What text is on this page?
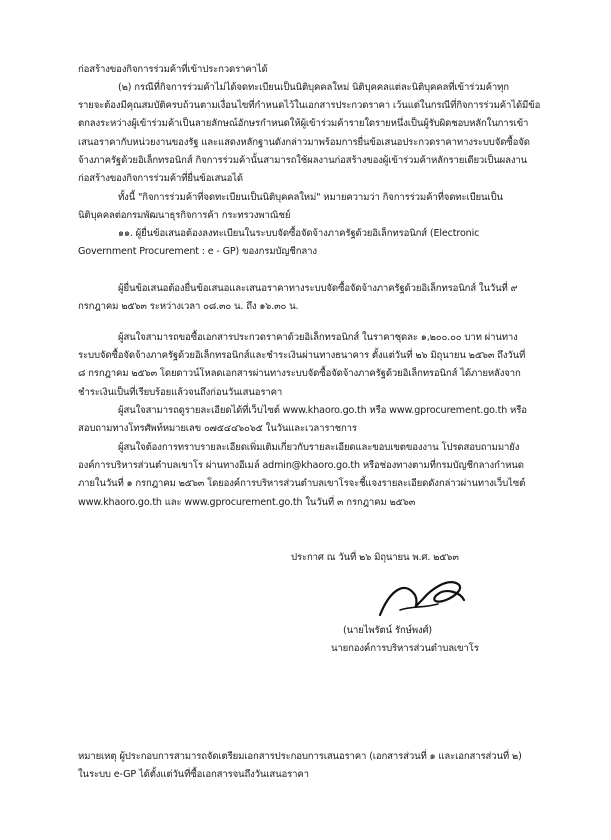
ก่อสร้างของกิจการร่วมค้าที่เข้าประกวดราคาได้
(๒) กรณีที่กิจการร่วมค้าไม่ได้จดทะเบียนเป็นนิติบุคคลใหม่ นิติบุคคลแต่ละนิติบุคคลที่เข้าร่วมค้าทุก
รายจะต้องมีคุณสมบัติครบถ้วนตามเงื่อนไขที่กำหนดไว้ในเอกสารประกวดราคา เว้นแต่ในกรณีที่กิจการร่วมค้าได้มีข้อ
ตกลงระหว่างผู้เข้าร่วมค้าเป็นลายลักษณ์อักษรกำหนดให้ผู้เข้าร่วมค้ารายใดรายหนึ่งเป็นผู้รับผิดชอบหลักในการเข้า
เสนอราคากับหน่วยงานของรัฐ และแสดงหลักฐานดังกล่าวมาพร้อมการยื่นข้อเสนอประกวดราคาทางระบบจัดซื้อจัด
จ้างภาครัฐด้วยอิเล็กทรอนิกส์ กิจการร่วมค้านั้นสามารถใช้ผลงานก่อสร้างของผู้เข้าร่วมค้าหลักรายเดียวเป็นผลงาน
ก่อสร้างของกิจการร่วมค้าที่ยื่นข้อเสนอได้
ทั้งนี้ "กิจการร่วมค้าที่จดทะเบียนเป็นนิติบุคคลใหม่" หมายความว่า กิจการร่วมค้าที่จดทะเบียนเป็น
นิติบุคคลต่อกรมพัฒนาธุรกิจการค้า กระทรวงพาณิชย์
๑๑. ผู้ยื่นข้อเสนอต้องลงทะเบียนในระบบจัดซื้อจัดจ้างภาครัฐด้วยอิเล็กทรอนิกส์ (Electronic
Government Procurement : e - GP) ของกรมบัญชีกลาง
ผู้ยื่นข้อเสนอต้องยื่นข้อเสนอและเสนอราคาทางระบบจัดซื้อจัดจ้างภาครัฐด้วยอิเล็กทรอนิกส์ ในวันที่ ๙
กรกฎาคม ๒๕๖๓ ระหว่างเวลา ๐๘.๓๐ น. ถึง ๑๖.๓๐ น.
ผู้สนใจสามารถขอซื้อเอกสารประกวดราคาด้วยอิเล็กทรอนิกส์ ในราคาชุดละ ๑,๒๐๐.๐๐ บาท ผ่านทาง
ระบบจัดซื้อจัดจ้างภาครัฐด้วยอิเล็กทรอนิกส์และชำระเงินผ่านทางธนาคาร ตั้งแต่วันที่ ๒๖ มิถุนายน ๒๕๖๓ ถึงวันที่
๘ กรกฎาคม ๒๕๖๓ โดยดาวน์โหลดเอกสารผ่านทางระบบจัดซื้อจัดจ้างภาครัฐด้วยอิเล็กทรอนิกส์ ได้ภายหลังจาก
ชำระเงินเป็นที่เรียบร้อยแล้วจนถึงก่อนวันเสนอราคา
ผู้สนใจสามารถดูรายละเอียดได้ที่เว็บไซต์ www.khaoro.go.th หรือ www.gprocurement.go.th หรือ
สอบถามทางโทรศัพท์หมายเลข ๐๗๕๔๔๖๐๖๕ ในวันและเวลาราชการ
ผู้สนใจต้องการทราบรายละเอียดเพิ่มเติมเกี่ยวกับรายละเอียดและขอบเขตของงาน โปรดสอบถามมายัง
องค์การบริหารส่วนตำบลเขาโร ผ่านทางอีเมล์ admin@khaoro.go.th หรือช่องทางตามที่กรมบัญชีกลางกำหนด
ภายในวันที่ ๑ กรกฎาคม ๒๕๖๓ โดยองค์การบริหารส่วนตำบลเขาโรจะชี้แจงรายละเอียดดังกล่าวผ่านทางเว็บไซต์
www.khaoro.go.th และ www.gprocurement.go.th ในวันที่ ๓ กรกฎาคม ๒๕๖๓
ประกาศ ณ วันที่ ๒๖ มิถุนายน พ.ศ. ๒๕๖๓
(นายไพรัตน์ รักษ์พงศ์)
นายกองค์การบริหารส่วนตำบลเขาโร
หมายเหตุ ผู้ประกอบการสามารถจัดเตรียมเอกสารประกอบการเสนอราคา (เอกสารส่วนที่ ๑ และเอกสารส่วนที่ ๒)
ในระบบ e-GP ได้ตั้งแต่วันที่ซื้อเอกสารจนถึงวันเสนอราคา
